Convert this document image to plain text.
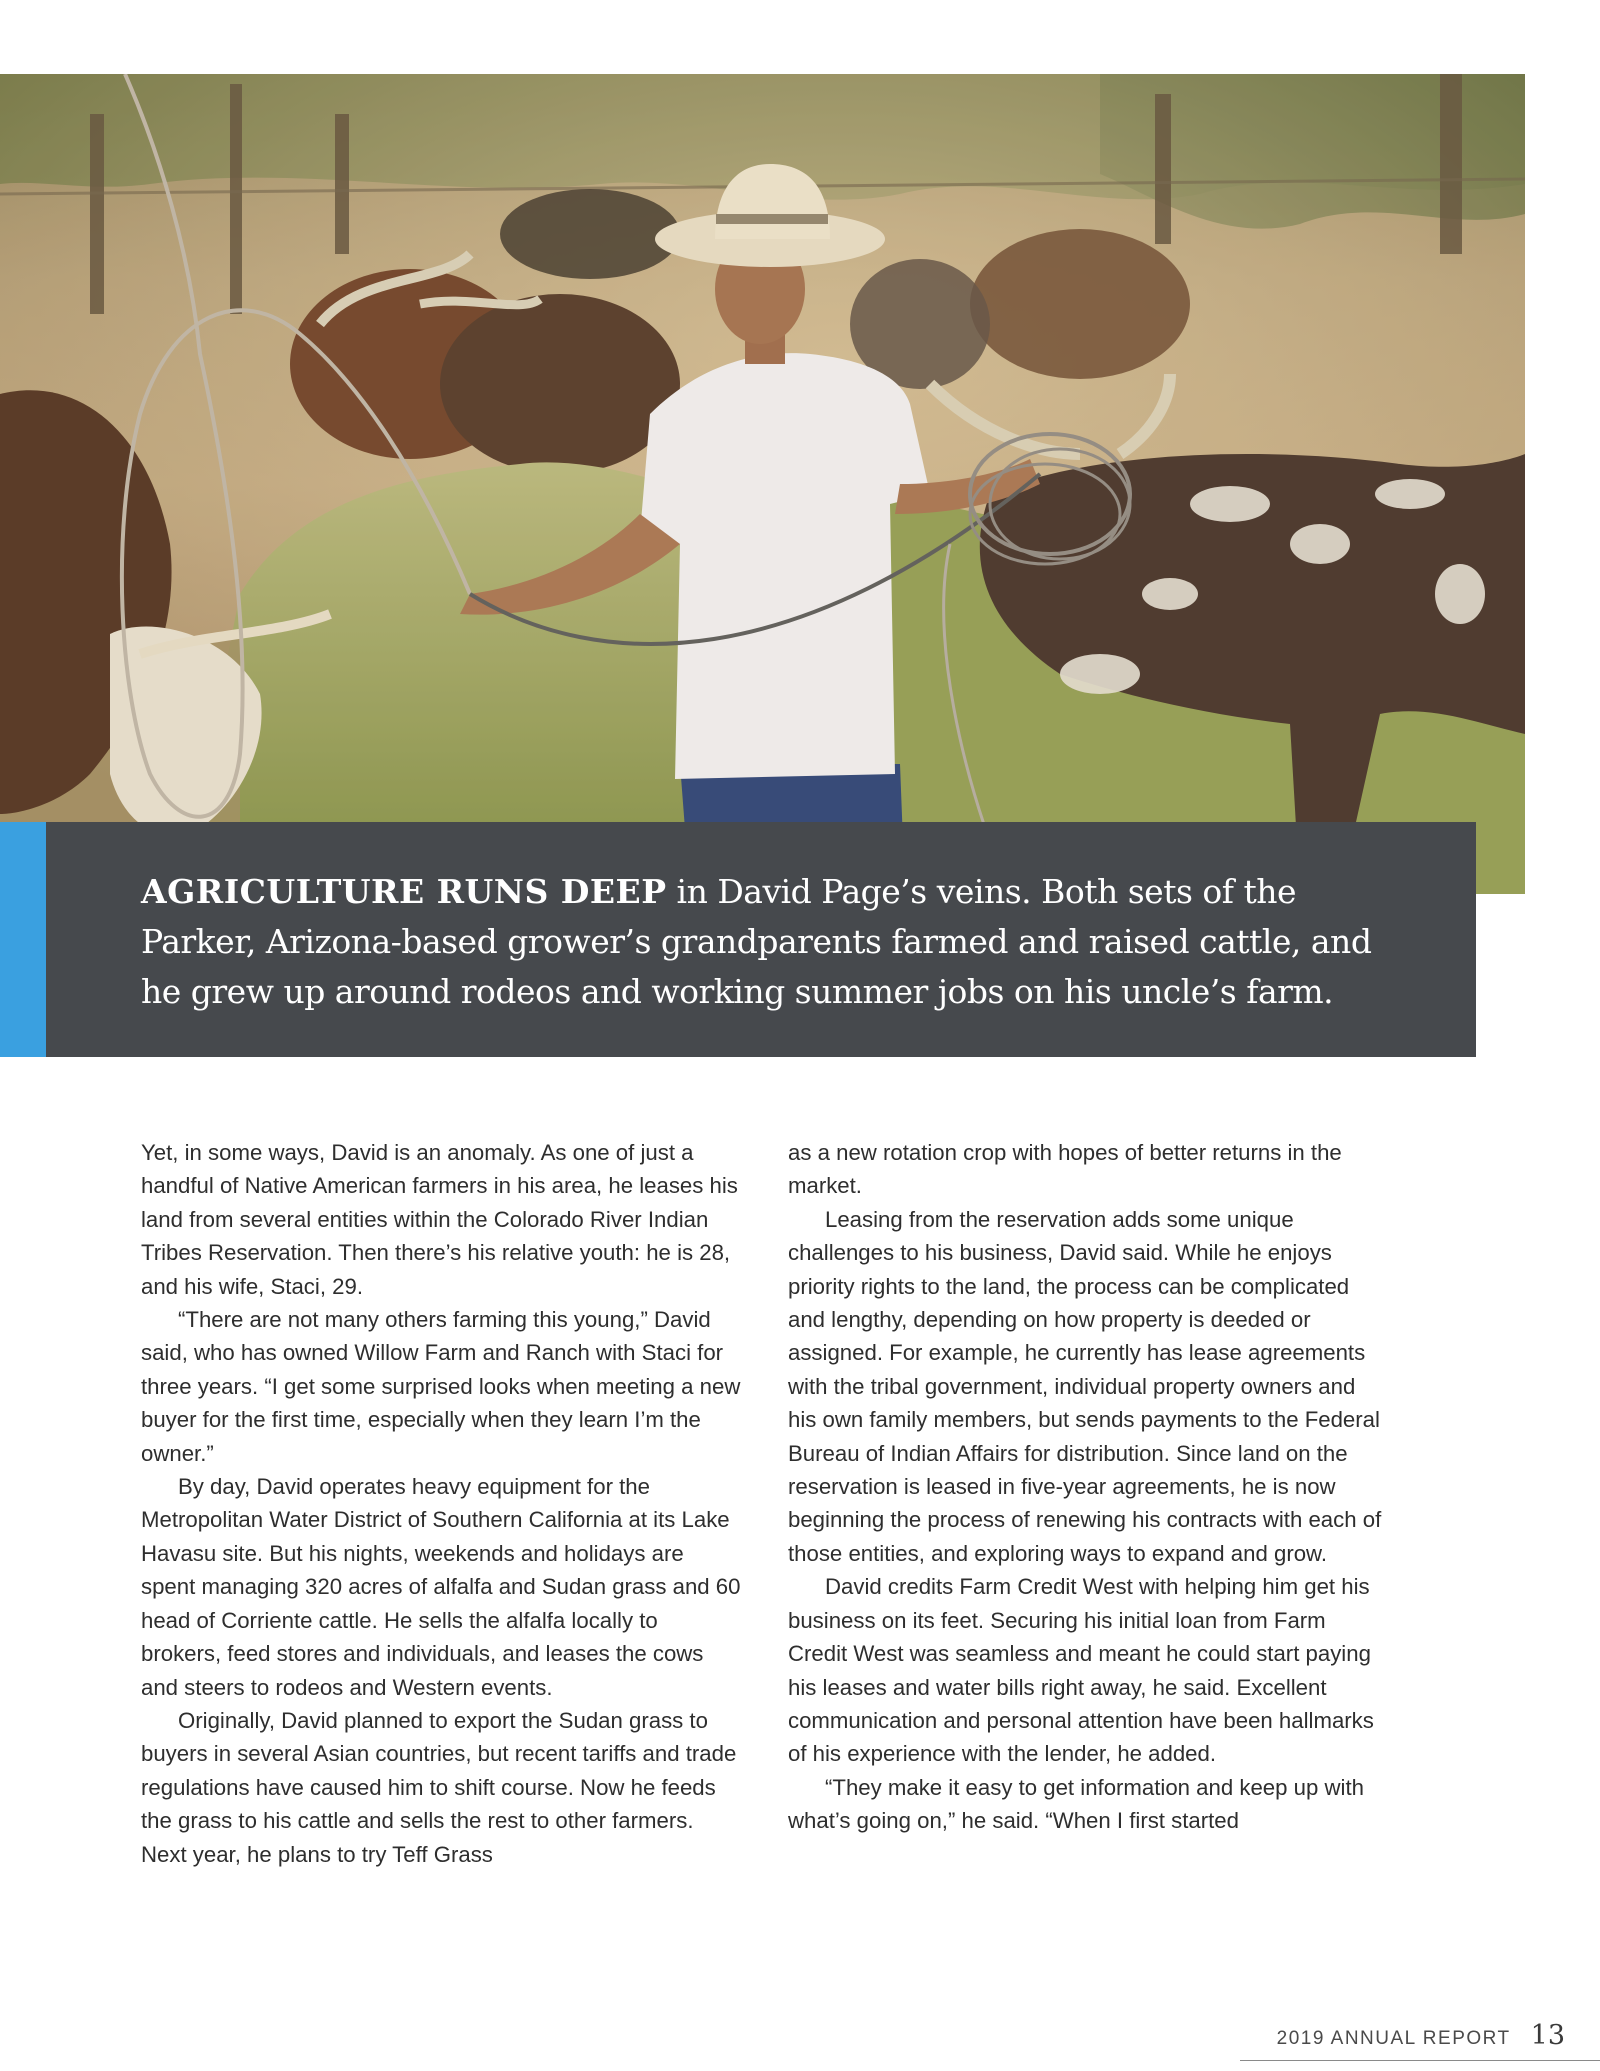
AGRICULTURE RUNS DEEP in David Page’s veins. Both sets of the Parker, Arizona-based grower’s grandparents farmed and raised cattle, and he grew up around rodeos and working summer jobs on his uncle’s farm.

Yet, in some ways, David is an anomaly. As one of just a handful of Native American farmers in his area, he leases his land from several entities within the Colorado River Indian Tribes Reservation. Then there’s his relative youth: he is 28, and his wife, Staci, 29.

“There are not many others farming this young,” David said, who has owned Willow Farm and Ranch with Staci for three years. “I get some surprised looks when meeting a new buyer for the first time, especially when they learn I’m the owner.”

By day, David operates heavy equipment for the Metropolitan Water District of Southern California at its Lake Havasu site. But his nights, weekends and holidays are spent managing 320 acres of alfalfa and Sudan grass and 60 head of Corriente cattle. He sells the alfalfa locally to brokers, feed stores and individuals, and leases the cows and steers to rodeos and Western events.

Originally, David planned to export the Sudan grass to buyers in several Asian countries, but recent tariffs and trade regulations have caused him to shift course. Now he feeds the grass to his cattle and sells the rest to other farmers. Next year, he plans to try Teff Grass

as a new rotation crop with hopes of better returns in the market.

Leasing from the reservation adds some unique challenges to his business, David said. While he enjoys priority rights to the land, the process can be complicated and lengthy, depending on how property is deeded or assigned. For example, he currently has lease agreements with the tribal government, individual property owners and his own family members, but sends payments to the Federal Bureau of Indian Affairs for distribution. Since land on the reservation is leased in five-year agreements, he is now beginning the process of renewing his contracts with each of those entities, and exploring ways to expand and grow.

David credits Farm Credit West with helping him get his business on its feet. Securing his initial loan from Farm Credit West was seamless and meant he could start paying his leases and water bills right away, he said. Excellent communication and personal attention have been hallmarks of his experience with the lender, he added.

“They make it easy to get information and keep up with what’s going on,” he said. “When I first started

2019 ANNUAL REPORT 13
